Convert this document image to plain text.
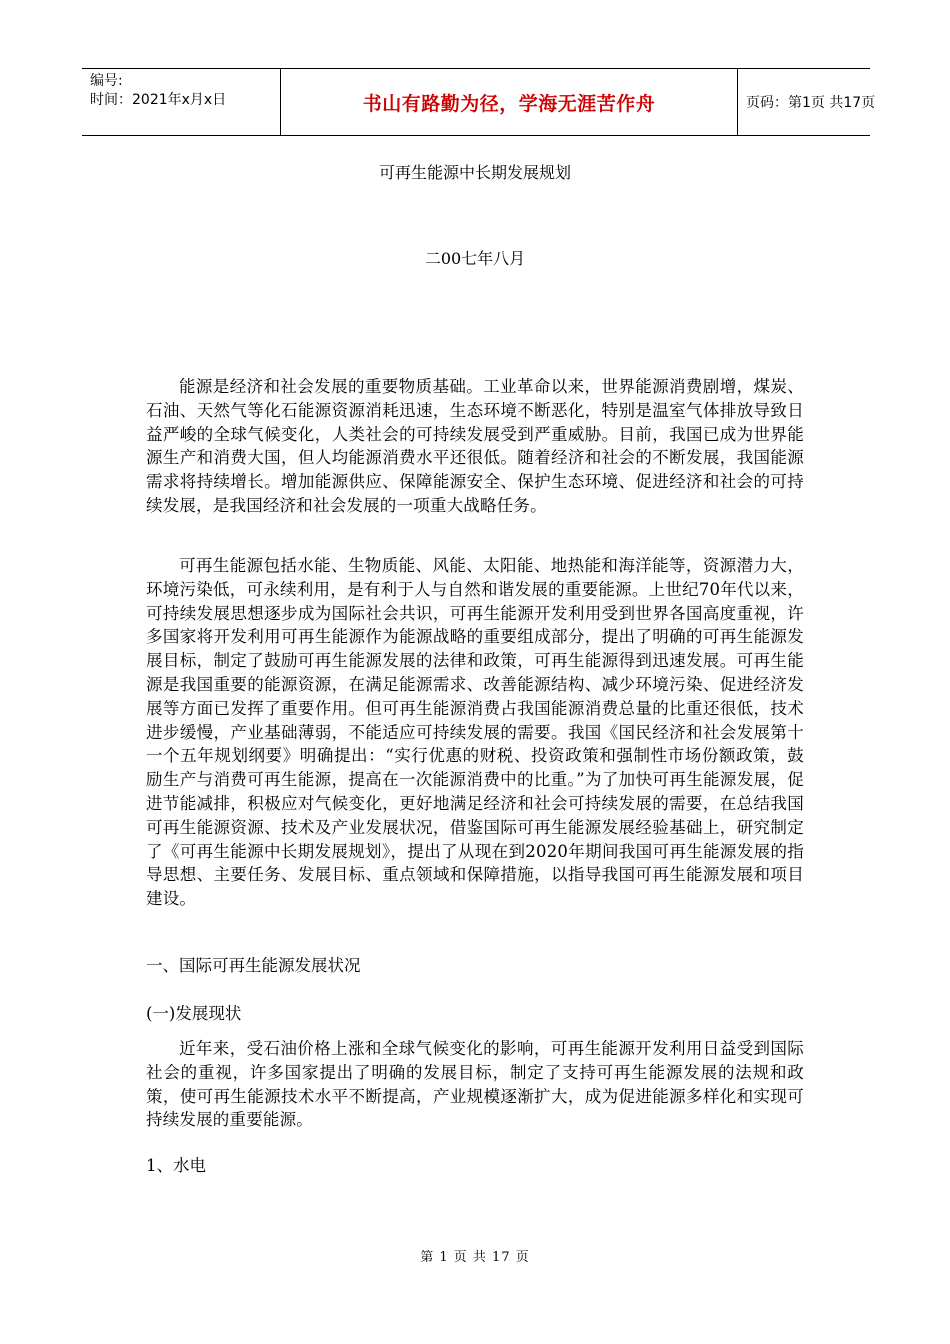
编号:
时间：2021年x月x日	书山有路勤为径，学海无涯苦作舟	页码：第1页 共17页
可再生能源中长期发展规划
二00七年八月

能源是经济和社会发展的重要物质基础。工业革命以来，世界能源消费剧增，煤炭、石油、天然气等化石能源资源消耗迅速，生态环境不断恶化，特别是温室气体排放导致日益严峻的全球气候变化，人类社会的可持续发展受到严重威胁。目前，我国已成为世界能源生产和消费大国，但人均能源消费水平还很低。随着经济和社会的不断发展，我国能源需求将持续增长。增加能源供应、保障能源安全、保护生态环境、促进经济和社会的可持续发展，是我国经济和社会发展的一项重大战略任务。

可再生能源包括水能、生物质能、风能、太阳能、地热能和海洋能等，资源潜力大，环境污染低，可永续利用，是有利于人与自然和谐发展的重要能源。上世纪70年代以来，可持续发展思想逐步成为国际社会共识，可再生能源开发利用受到世界各国高度重视，许多国家将开发利用可再生能源作为能源战略的重要组成部分，提出了明确的可再生能源发展目标，制定了鼓励可再生能源发展的法律和政策，可再生能源得到迅速发展。可再生能源是我国重要的能源资源，在满足能源需求、改善能源结构、减少环境污染、促进经济发展等方面已发挥了重要作用。但可再生能源消费占我国能源消费总量的比重还很低，技术进步缓慢，产业基础薄弱，不能适应可持续发展的需要。我国《国民经济和社会发展第十一个五年规划纲要》明确提出：“实行优惠的财税、投资政策和强制性市场份额政策，鼓励生产与消费可再生能源，提高在一次能源消费中的比重。”为了加快可再生能源发展，促进节能减排，积极应对气候变化，更好地满足经济和社会可持续发展的需要，在总结我国可再生能源资源、技术及产业发展状况，借鉴国际可再生能源发展经验基础上，研究制定了《可再生能源中长期发展规划》，提出了从现在到2020年期间我国可再生能源发展的指导思想、主要任务、发展目标、重点领域和保障措施，以指导我国可再生能源发展和项目建设。

一、国际可再生能源发展状况

(一)发展现状

近年来，受石油价格上涨和全球气候变化的影响，可再生能源开发利用日益受到国际社会的重视，许多国家提出了明确的发展目标，制定了支持可再生能源发展的法规和政策，使可再生能源技术水平不断提高，产业规模逐渐扩大，成为促进能源多样化和实现可持续发展的重要能源。

1、水电

第 1 页 共 17 页
